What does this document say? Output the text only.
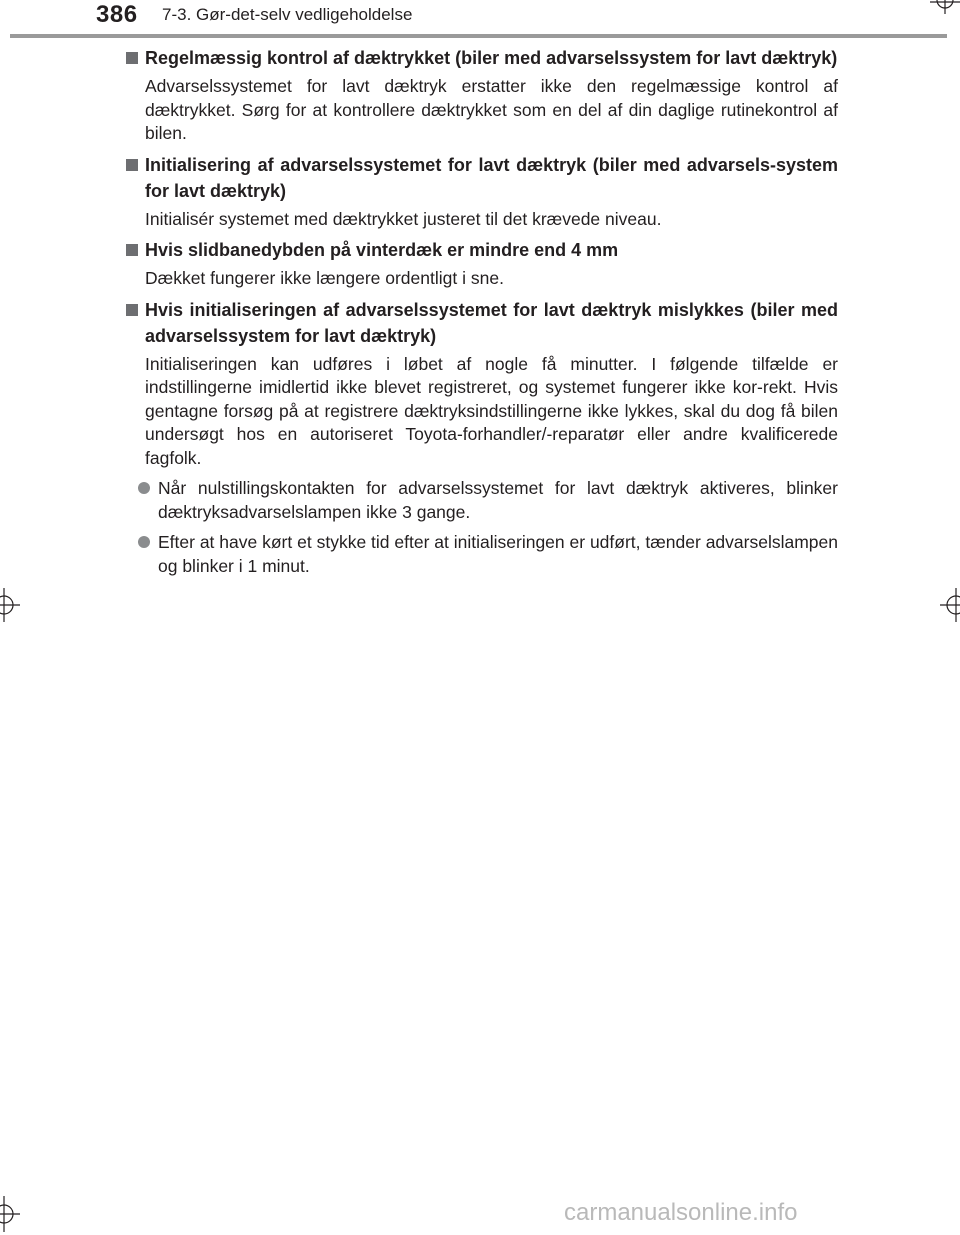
386 7-3. Gør-det-selv vedligeholdelse
Regelmæssig kontrol af dæktrykket (biler med advarselssystem for lavt dæktryk)
Advarselssystemet for lavt dæktryk erstatter ikke den regelmæssige kontrol af dæktrykket. Sørg for at kontrollere dæktrykket som en del af din daglige rutinekontrol af bilen.
Initialisering af advarselssystemet for lavt dæktryk (biler med advarsels-system for lavt dæktryk)
Initialisér systemet med dæktrykket justeret til det krævede niveau.
Hvis slidbanedybden på vinterdæk er mindre end 4 mm
Dækket fungerer ikke længere ordentligt i sne.
Hvis initialiseringen af advarselssystemet for lavt dæktryk mislykkes (biler med advarselssystem for lavt dæktryk)
Initialiseringen kan udføres i løbet af nogle få minutter. I følgende tilfælde er indstillingerne imidlertid ikke blevet registreret, og systemet fungerer ikke kor-rekt. Hvis gentagne forsøg på at registrere dæktryksindstillingerne ikke lykkes, skal du dog få bilen undersøgt hos en autoriseret Toyota-forhandler/-reparatør eller andre kvalificerede fagfolk.
Når nulstillingskontakten for advarselssystemet for lavt dæktryk aktiveres, blinker dæktryksadvarselslampen ikke 3 gange.
Efter at have kørt et stykke tid efter at initialiseringen er udført, tænder advarselslampen og blinker i 1 minut.
carmanualsonline.info
